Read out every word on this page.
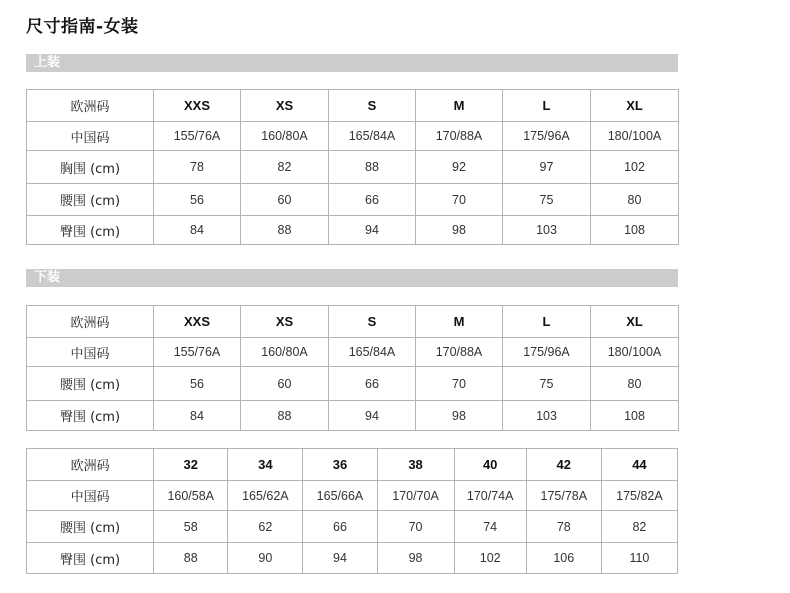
尺寸指南-女装
上装
欧洲码	XXS	XS	S	M	L	XL
中国码	155/76A	160/80A	165/84A	170/88A	175/96A	180/100A
胸围 (cm)	78	82	88	92	97	102
腰围 (cm)	56	60	66	70	75	80
臀围 (cm)	84	88	94	98	103	108
下装
欧洲码	XXS	XS	S	M	L	XL
中国码	155/76A	160/80A	165/84A	170/88A	175/96A	180/100A
腰围 (cm)	56	60	66	70	75	80
臀围 (cm)	84	88	94	98	103	108
欧洲码	32	34	36	38	40	42	44
中国码	160/58A	165/62A	165/66A	170/70A	170/74A	175/78A	175/82A
腰围 (cm)	58	62	66	70	74	78	82
臀围 (cm)	88	90	94	98	102	106	110
